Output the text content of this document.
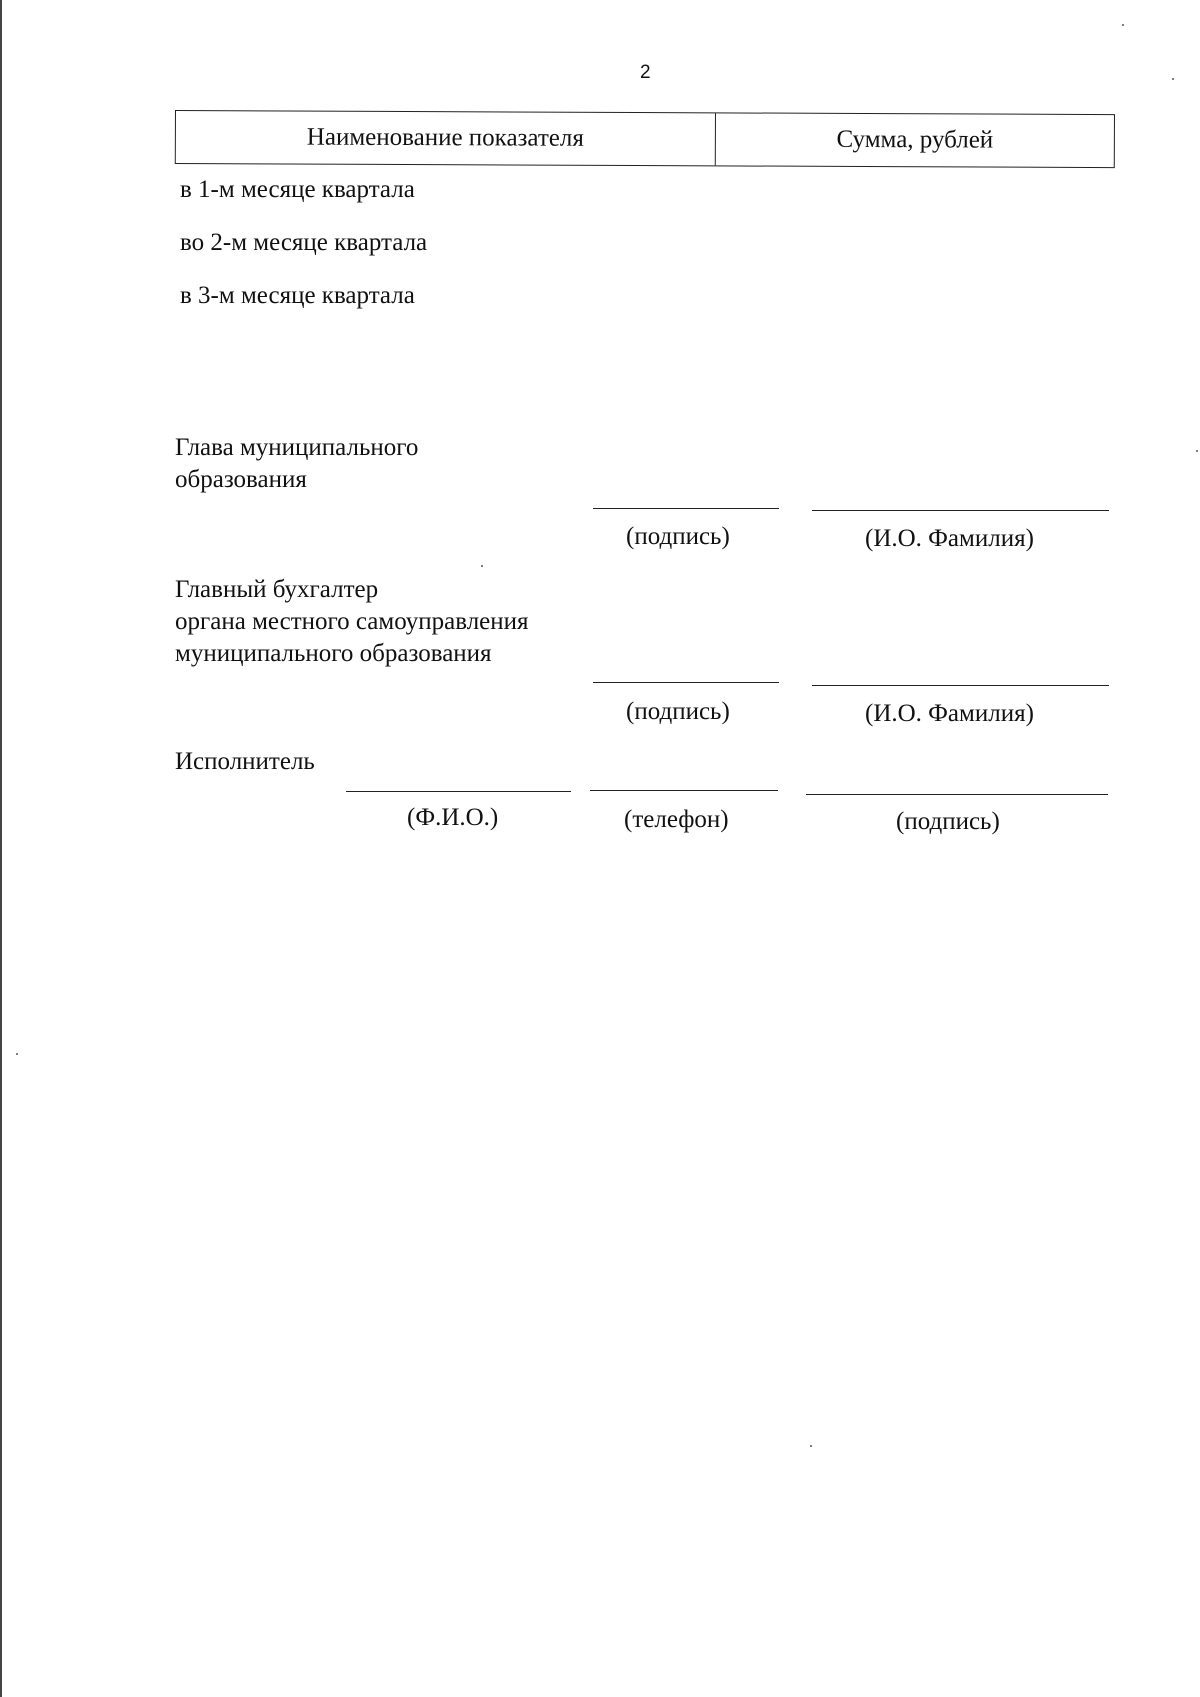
2
Наименование показателя	Сумма, рублей
в 1-м месяце квартала
во 2-м месяце квартала
в 3-м месяце квартала
Глава муниципального
образования
(подпись)	(И.О. Фамилия)
Главный бухгалтер
органа местного самоуправления
муниципального образования
(подпись)	(И.О. Фамилия)
Исполнитель
(Ф.И.О.)	(телефон)	(подпись)
